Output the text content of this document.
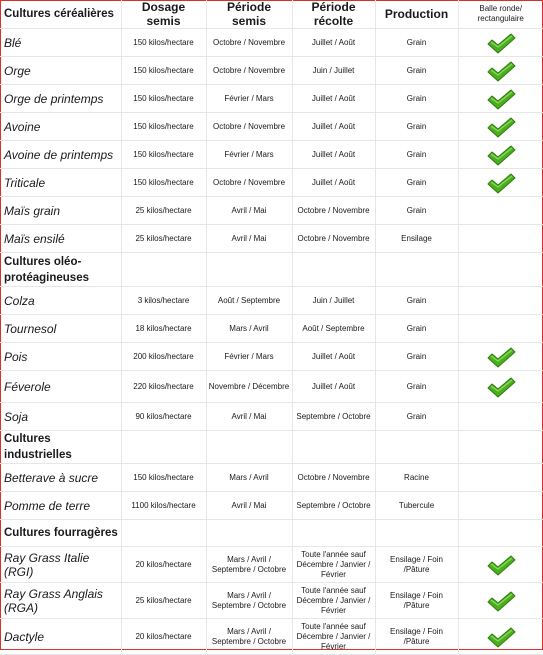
Cultures céréalières	Dosage semis	Période semis	Période récolte	Production	Balle ronde/ rectangulaire
Blé	150 kilos/hectare	Octobre / Novembre	Juillet / Août	Grain	
Orge	150 kilos/hectare	Octobre / Novembre	Juin / Juillet	Grain	
Orge de printemps	150 kilos/hectare	Février / Mars	Juillet / Août	Grain	
Avoine	150 kilos/hectare	Octobre / Novembre	Juillet / Août	Grain	
Avoine de printemps	150 kilos/hectare	Février / Mars	Juillet / Août	Grain	
Triticale	150 kilos/hectare	Octobre / Novembre	Juillet / Août	Grain	
Maïs grain	25 kilos/hectare	Avril / Mai	Octobre / Novembre	Grain	
Maïs ensilé	25 kilos/hectare	Avril / Mai	Octobre / Novembre	Ensilage	
Cultures oléo-protéagineuses					
Colza	3 kilos/hectare	Août / Septembre	Juin / Juillet	Grain	
Tournesol	18 kilos/hectare	Mars / Avril	Août / Septembre	Grain	
Pois	200 kilos/hectare	Février / Mars	Juillet / Août	Grain	
Féverole	220 kilos/hectare	Novembre / Décembre	Juillet / Août	Grain	
Soja	90 kilos/hectare	Avril / Mai	Septembre / Octobre	Grain	
Cultures industrielles					
Betterave à sucre	150 kilos/hectare	Mars / Avril	Octobre / Novembre	Racine	
Pomme de terre	1100 kilos/hectare	Avril / Mai	Septembre / Octobre	Tubercule	
Cultures fourragères					
Ray Grass Italie (RGI)	20 kilos/hectare	Mars / Avril / Septembre / Octobre	Toute l'année sauf Décembre / Janvier / Février	Ensilage / Foin /Pâture	
Ray Grass Anglais (RGA)	25 kilos/hectare	Mars / Avril / Septembre / Octobre	Toute l'année sauf Décembre / Janvier / Février	Ensilage / Foin /Pâture	
Dactyle	20 kilos/hectare	Mars / Avril / Septembre / Octobre	Toute l'année sauf Décembre / Janvier / Février	Ensilage / Foin /Pâture	
